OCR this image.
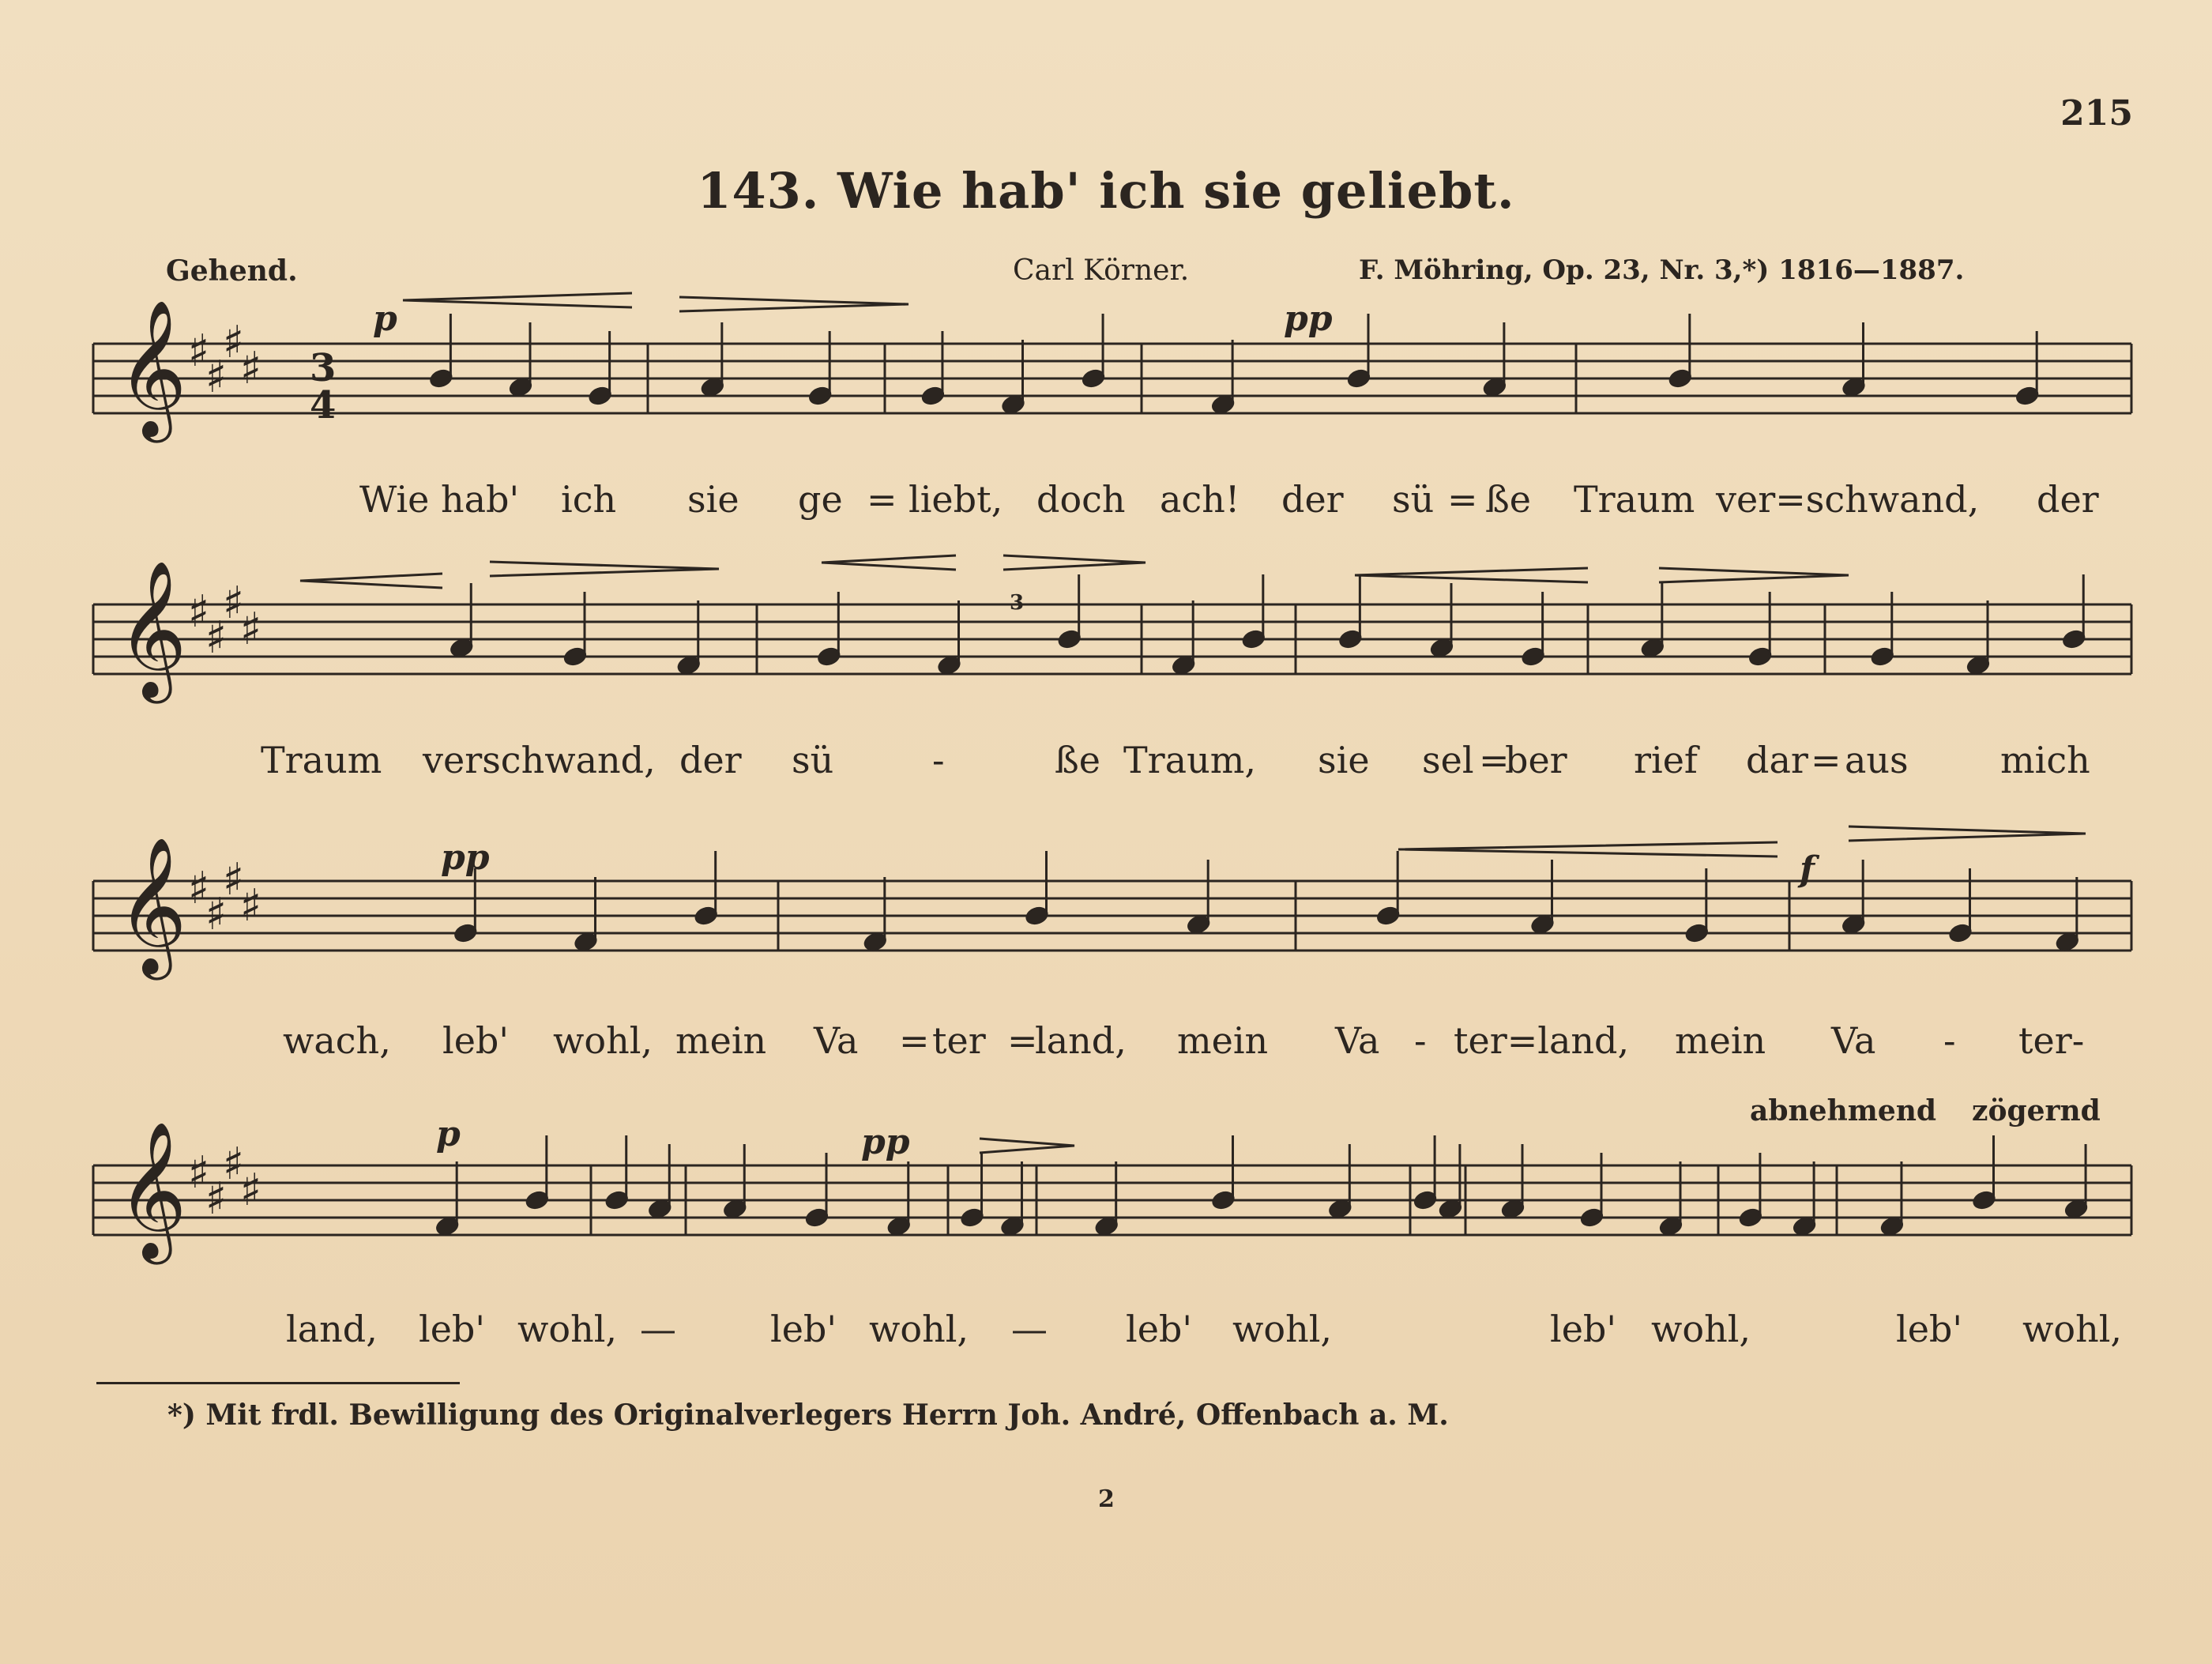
215
143. Wie hab' ich sie geliebt.
Gehend.	Carl Körner.	F. Möhring, Op. 23, Nr. 3,*) 1816—1887.
𝄞 ♯
♯
♯
♯
𝄞 ♯
♯
♯
♯
𝄞 ♯
♯
♯
♯
𝄞 ♯
♯
♯
♯
3
4
p	pp
pp	f
p	pp
3
abnehmend zögernd
Wie hab' ich sie ge = liebt, doch ach! der sü = ße Traum ver=schwand, der
Traum verschwand, der sü	-	ße Traum, sie sel =
ber rief dar = aus	mich
wach, leb' wohl, mein Va = ter =
land, mein Va - ter=land, mein Va - ter-
land, leb' wohl, —	leb' wohl, — leb' wohl,	leb' wohl,	leb' wohl,
*) Mit frdl. Bewilligung des Originalverlegers Herrn Joh. André, Offenbach a. M.
2
